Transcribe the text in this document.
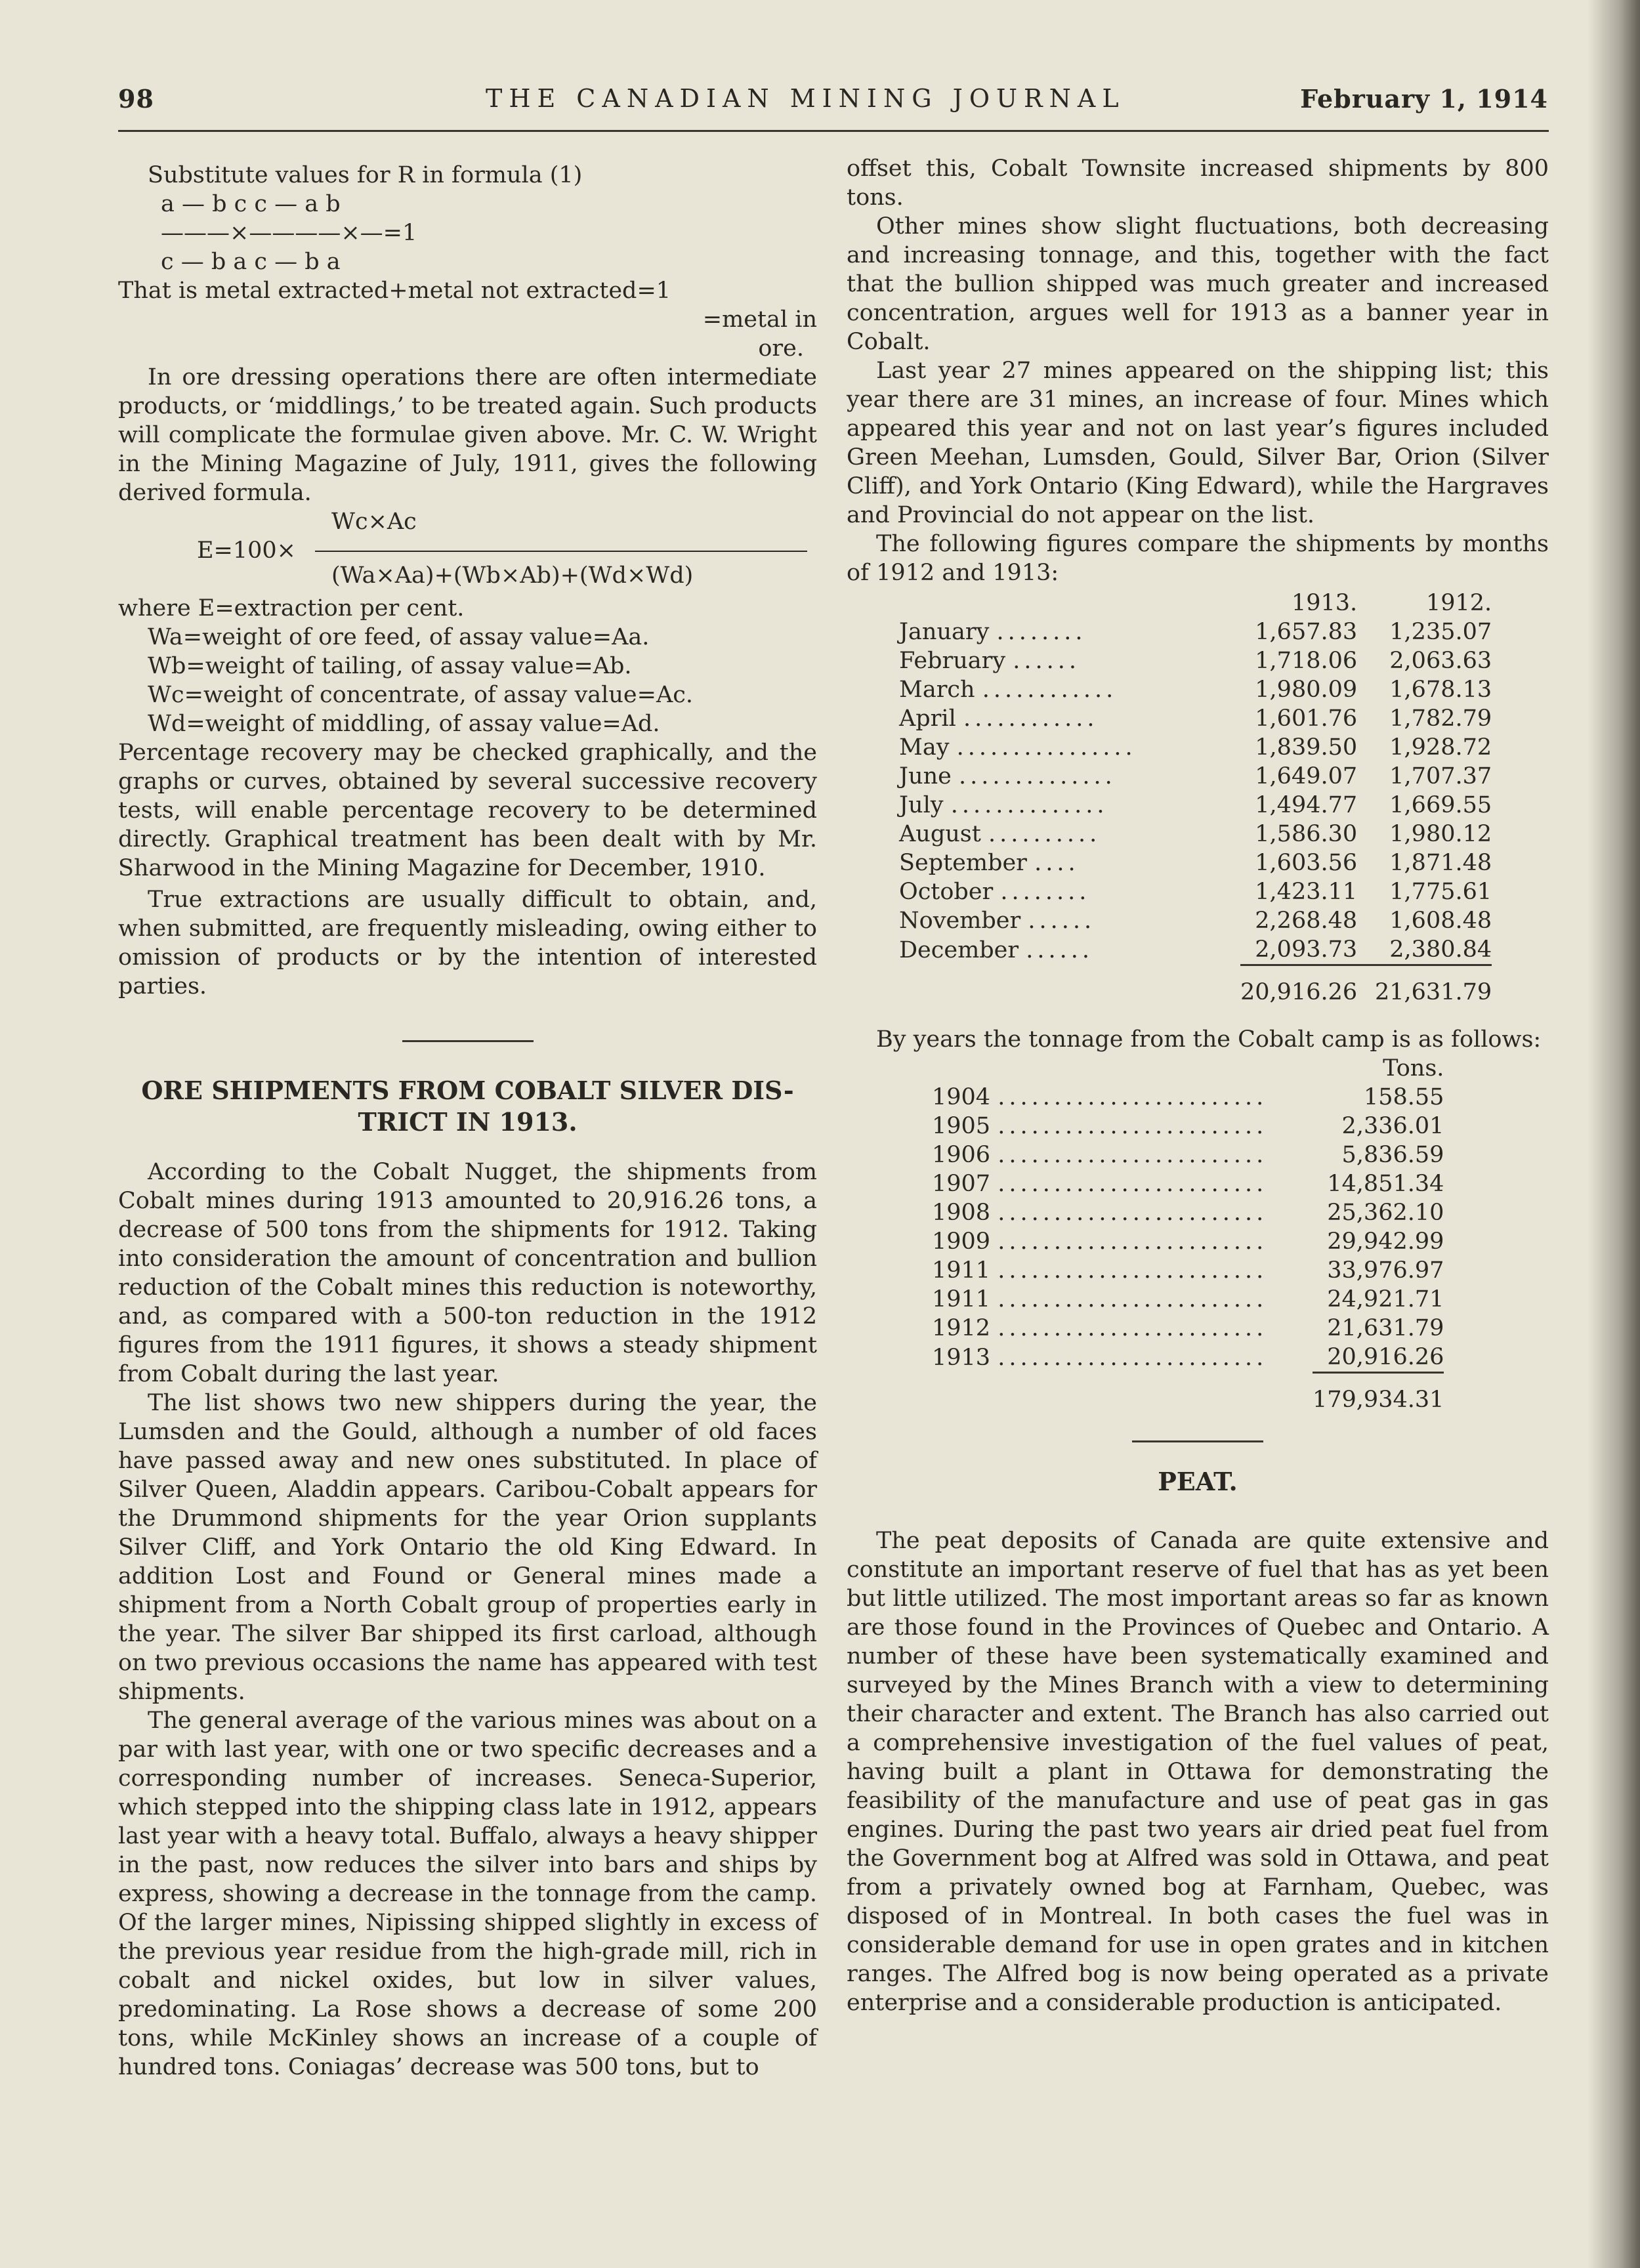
98	THE CANADIAN MINING JOURNAL	February 1, 1914
Substitute values for R in formula (1)
a — b c c — a b
———×————×—=1
c — b a c — b a
That is metal extracted+metal not extracted=1
=metal in
ore.

In ore dressing operations there are often intermediate products, or ‘middlings,’ to be treated again. Such products will complicate the formulae given above. Mr. C. W. Wright in the Mining Magazine of July, 1911, gives the following derived formula.

Wc×Ac
E=100×
(Wa×Aa)+(Wb×Ab)+(Wd×Wd)
where E=extraction per cent.
Wa=weight of ore feed, of assay value=Aa.
Wb=weight of tailing, of assay value=Ab.
Wc=weight of concentrate, of assay value=Ac.
Wd=weight of middling, of assay value=Ad.

Percentage recovery may be checked graphically, and the graphs or curves, obtained by several successive recovery tests, will enable percentage recovery to be determined directly. Graphical treatment has been dealt with by Mr. Sharwood in the Mining Magazine for December, 1910.

True extractions are usually difficult to obtain, and, when submitted, are frequently misleading, owing either to omission of products or by the intention of interested parties.

ORE SHIPMENTS FROM COBALT SILVER DIS-
TRICT IN 1913.

According to the Cobalt Nugget, the shipments from Cobalt mines during 1913 amounted to 20,916.26 tons, a decrease of 500 tons from the shipments for 1912. Taking into consideration the amount of concentration and bullion reduction of the Cobalt mines this reduction is noteworthy, and, as compared with a 500-ton reduction in the 1912 figures from the 1911 figures, it shows a steady shipment from Cobalt during the last year.

The list shows two new shippers during the year, the Lumsden and the Gould, although a number of old faces have passed away and new ones substituted. In place of Silver Queen, Aladdin appears. Caribou-Cobalt appears for the Drummond shipments for the year Orion supplants Silver Cliff, and York Ontario the old King Edward. In addition Lost and Found or General mines made a shipment from a North Cobalt group of properties early in the year. The silver Bar shipped its first carload, although on two previous occasions the name has appeared with test shipments.

The general average of the various mines was about on a par with last year, with one or two specific decreases and a corresponding number of increases. Seneca-Superior, which stepped into the shipping class late in 1912, appears last year with a heavy total. Buffalo, always a heavy shipper in the past, now reduces the silver into bars and ships by express, showing a decrease in the tonnage from the camp. Of the larger mines, Nipissing shipped slightly in excess of the previous year residue from the high-grade mill, rich in cobalt and nickel oxides, but low in silver values, predominating. La Rose shows a decrease of some 200 tons, while McKinley shows an increase of a couple of hundred tons. Coniagas’ decrease was 500 tons, but to

offset this, Cobalt Townsite increased shipments by 800 tons.

Other mines show slight fluctuations, both decreasing and increasing tonnage, and this, together with the fact that the bullion shipped was much greater and increased concentration, argues well for 1913 as a banner year in Cobalt.

Last year 27 mines appeared on the shipping list; this year there are 31 mines, an increase of four. Mines which appeared this year and not on last year’s figures included Green Meehan, Lumsden, Gould, Silver Bar, Orion (Silver Cliff), and York Ontario (King Edward), while the Hargraves and Provincial do not appear on the list.

The following figures compare the shipments by months of 1912 and 1913:

	1913.	1912.
January ........	1,657.83	1,235.07
February ......	1,718.06	2,063.63
March ............	1,980.09	1,678.13
April ............	1,601.76	1,782.79
May ................	1,839.50	1,928.72
June ..............	1,649.07	1,707.37
July ..............	1,494.77	1,669.55
August ..........	1,586.30	1,980.12
September ....	1,603.56	1,871.48
October ........	1,423.11	1,775.61
November ......	2,268.48	1,608.48
December ......	2,093.73	2,380.84
	20,916.26	21,631.79

By years the tonnage from the Cobalt camp is as follows:

	Tons.
1904 ........................	158.55
1905 ........................	2,336.01
1906 ........................	5,836.59
1907 ........................	14,851.34
1908 ........................	25,362.10
1909 ........................	29,942.99
1911 ........................	33,976.97
1911 ........................	24,921.71
1912 ........................	21,631.79
1913 ........................	20,916.26
	179,934.31
PEAT.

The peat deposits of Canada are quite extensive and constitute an important reserve of fuel that has as yet been but little utilized. The most important areas so far as known are those found in the Provinces of Quebec and Ontario. A number of these have been systematically examined and surveyed by the Mines Branch with a view to determining their character and extent. The Branch has also carried out a comprehensive investigation of the fuel values of peat, having built a plant in Ottawa for demonstrating the feasibility of the manufacture and use of peat gas in gas engines. During the past two years air dried peat fuel from the Government bog at Alfred was sold in Ottawa, and peat from a privately owned bog at Farnham, Quebec, was disposed of in Montreal. In both cases the fuel was in considerable demand for use in open grates and in kitchen ranges. The Alfred bog is now being operated as a private enterprise and a considerable production is anticipated.
